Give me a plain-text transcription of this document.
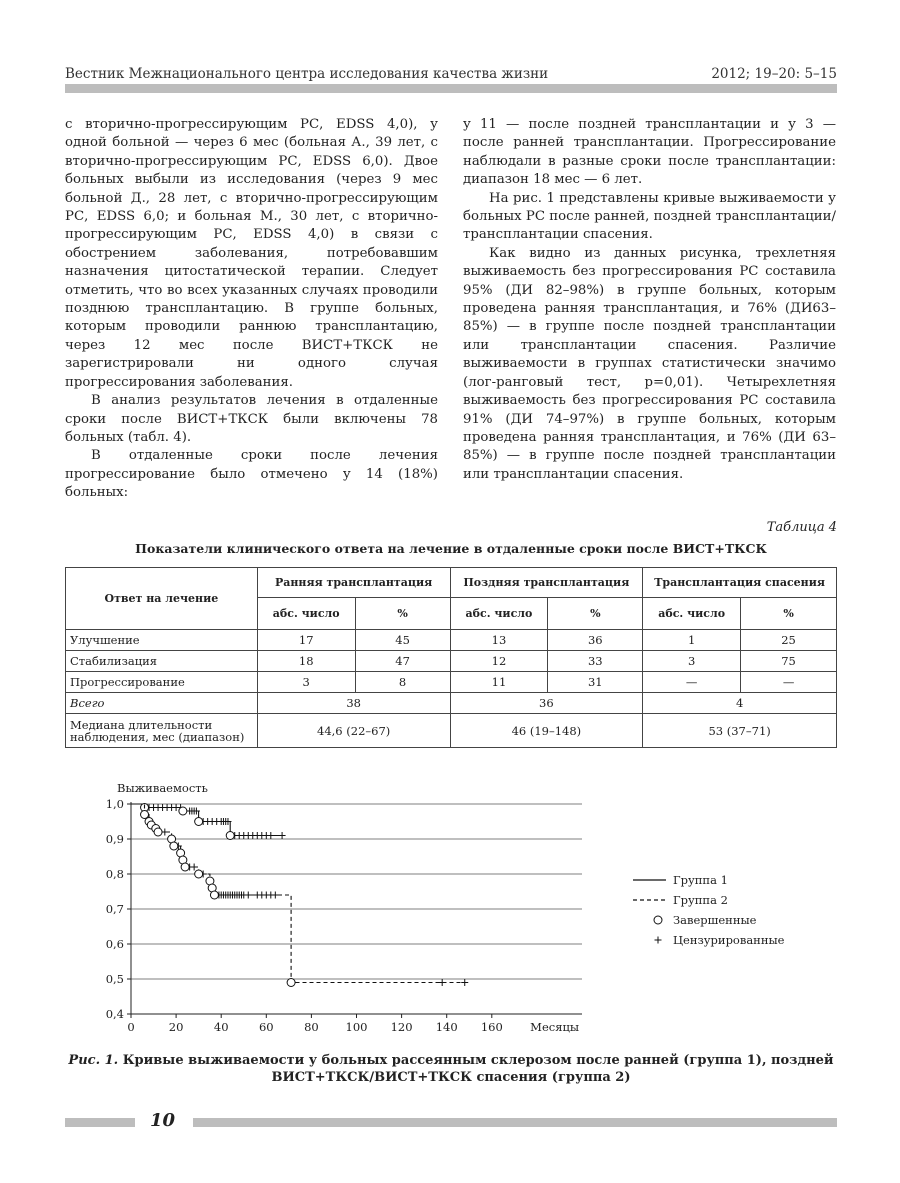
Вестник Межнационального центра исследования качества жизни	2012; 19–20: 5–15

с вторично-прогрессирующим РС, EDSS 4,0), у одной больной — через 6 мес (больная А., 39 лет, с вторично-прогрессирующим РС, EDSS 6,0). Двое больных выбыли из исследования (через 9 мес больной Д., 28 лет, с вторично-прогрессирующим РС, EDSS 6,0; и больная М., 30 лет, с вторично-прогрессирующим РС, EDSS 4,0) в связи с обострением заболевания, потребовавшим назначения цитостатической терапии. Следует отметить, что во всех указанных случаях проводили позднюю трансплантацию. В группе больных, которым проводили раннюю трансплантацию, через 12 мес после ВИСТ+ТКСК не зарегистрировали ни одного случая прогрессирования заболевания.

В анализ результатов лечения в отдаленные сроки после ВИСТ+ТКСК были включены 78 больных (табл. 4).

В отдаленные сроки после лечения прогрессирование было отмечено у 14 (18%) больных:

у 11 — после поздней трансплантации и у 3 — после ранней трансплантации. Прогрессирование наблюдали в разные сроки после трансплантации: диапазон 18 мес — 6 лет.

На рис. 1 представлены кривые выживаемости у больных РС после ранней, поздней трансплантации/трансплантации спасения.

Как видно из данных рисунка, трехлетняя выживаемость без прогрессирования РС составила 95% (ДИ 82–98%) в группе больных, которым проведена ранняя трансплантация, и 76% (ДИ63–85%) — в группе после поздней трансплантации или трансплантации спасения. Различие выживаемости в группах статистически значимо (лог-ранговый тест, p=0,01). Четырехлетняя выживаемость без прогрессирования РС составила 91% (ДИ 74–97%) в группе больных, которым проведена ранняя трансплантация, и 76% (ДИ 63–85%) — в группе после поздней трансплантации или трансплантации спасения.

Таблица 4
Показатели клинического ответа на лечение в отдаленные сроки после ВИСТ+ТКСК
Ответ на лечение	Ранняя трансплантация		Поздняя трансплантация		Трансплантация спасения	
	абс. число	%	абс. число	%	абс. число	%
Улучшение	17	45	13	36	1	25
Стабилизация	18	47	12	33	3	75
Прогрессирование	3	8	11	31	—	—
Всего	38		36		4	
Медиана длительности наблюдения, мес (диапазон)	44,6 (22–67)		46 (19–148)		53 (37–71)	
0,4
0,5
0,6
0,7
0,8
0,9
1,0
0	20	40	60	80 100 120 140 160
Выживаемость
Месяцы
Группа 1
Группа 2
Завершенные
Цензурированные
Рис. 1. Кривые выживаемости у больных рассеянным склерозом после ранней (группа 1), поздней ВИСТ+ТКСК/ВИСТ+ТКСК спасения (группа 2)
10
